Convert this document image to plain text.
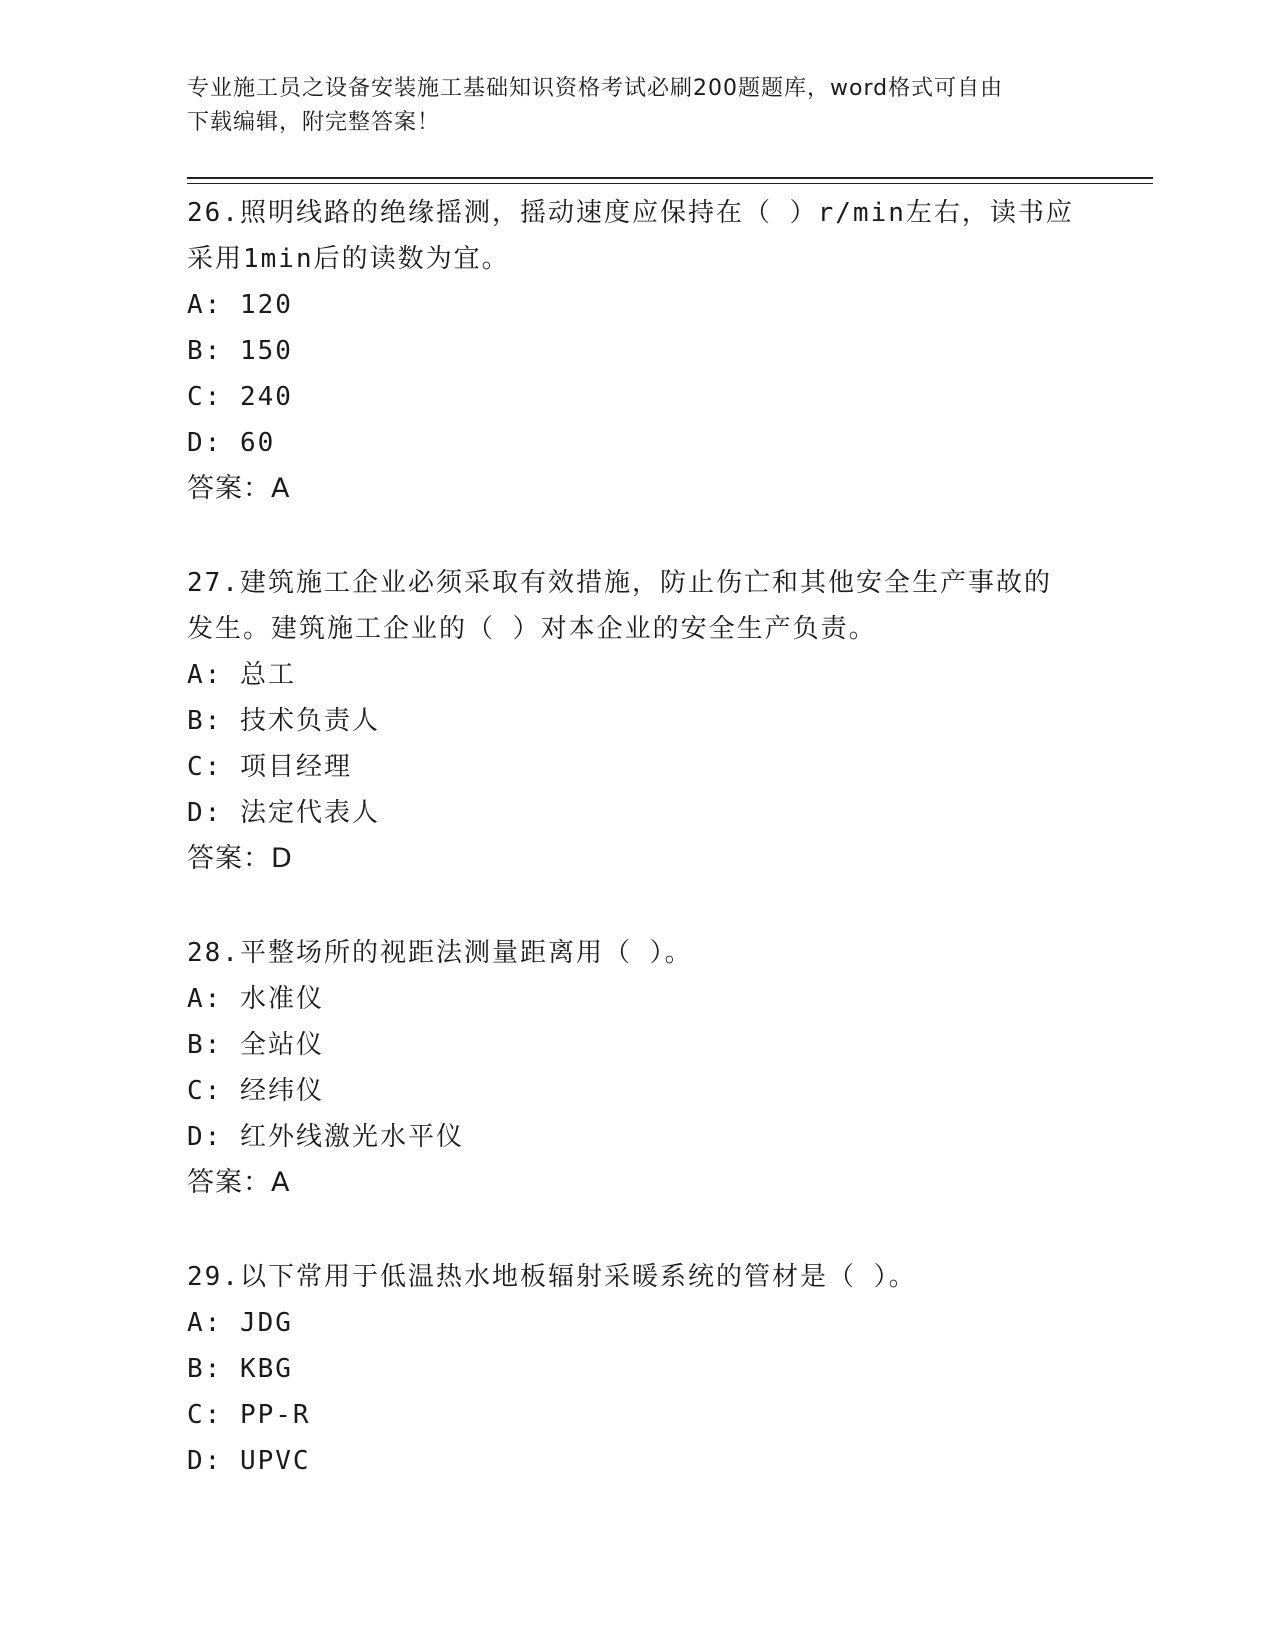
专业施工员之设备安装施工基础知识资格考试必刷200题题库，word格式可自由
下载编辑，附完整答案！
26.照明线路的绝缘摇测，摇动速度应保持在（ ）r/min左右，读书应
采用1min后的读数为宜。
A: 120
B: 150
C: 240
D: 60
答案：A
27.建筑施工企业必须采取有效措施，防止伤亡和其他安全生产事故的
发生。建筑施工企业的（ ）对本企业的安全生产负责。
A: 总工
B: 技术负责人
C: 项目经理
D: 法定代表人
答案：D
28.平整场所的视距法测量距离用（ ）。
A: 水准仪
B: 全站仪
C: 经纬仪
D: 红外线激光水平仪
答案：A
29.以下常用于低温热水地板辐射采暖系统的管材是（ ）。
A: JDG
B: KBG
C: PP-R
D: UPVC
